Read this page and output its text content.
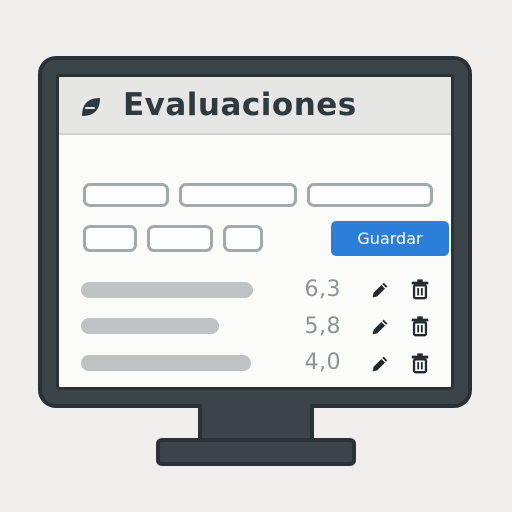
Evaluaciones
Guardar
6,3
5,8
4,0
